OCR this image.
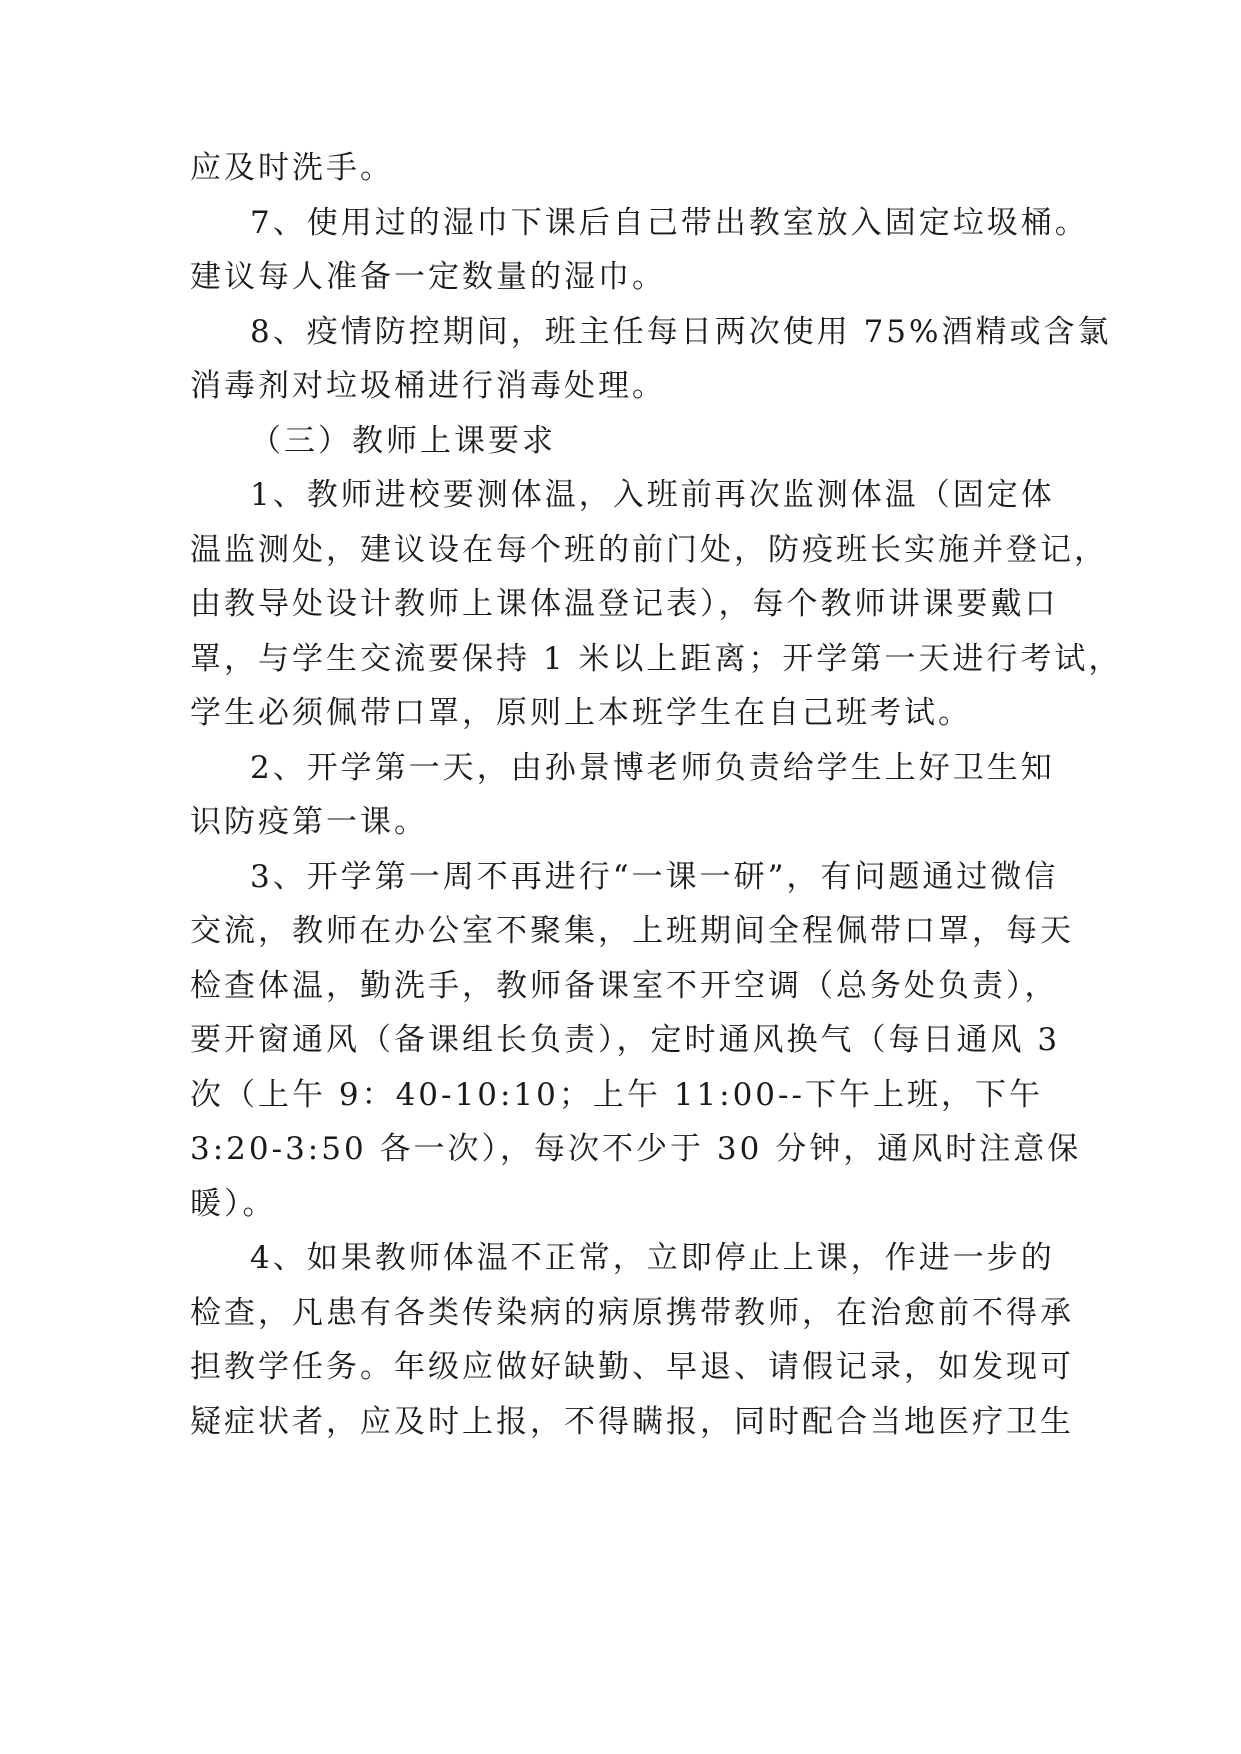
应及时洗手。
7、使用过的湿巾下课后自己带出教室放入固定垃圾桶。
建议每人准备一定数量的湿巾。
8、疫情防控期间，班主任每日两次使用 75%酒精或含氯
消毒剂对垃圾桶进行消毒处理。
（三）教师上课要求
1、教师进校要测体温，入班前再次监测体温（固定体
温监测处，建议设在每个班的前门处，防疫班长实施并登记，
由教导处设计教师上课体温登记表），每个教师讲课要戴口
罩，与学生交流要保持 1 米以上距离；开学第一天进行考试，
学生必须佩带口罩，原则上本班学生在自己班考试。
2、开学第一天，由孙景博老师负责给学生上好卫生知
识防疫第一课。
3、开学第一周不再进行“一课一研”，有问题通过微信
交流，教师在办公室不聚集，上班期间全程佩带口罩，每天
检查体温，勤洗手，教师备课室不开空调（总务处负责），
要开窗通风（备课组长负责），定时通风换气（每日通风 3
次（上午 9：40-10:10；上午 11:00--下午上班，下午
3:20-3:50 各一次），每次不少于 30 分钟，通风时注意保
暖）。
4、如果教师体温不正常，立即停止上课，作进一步的
检查，凡患有各类传染病的病原携带教师，在治愈前不得承
担教学任务。年级应做好缺勤、早退、请假记录，如发现可
疑症状者，应及时上报，不得瞒报，同时配合当地医疗卫生
